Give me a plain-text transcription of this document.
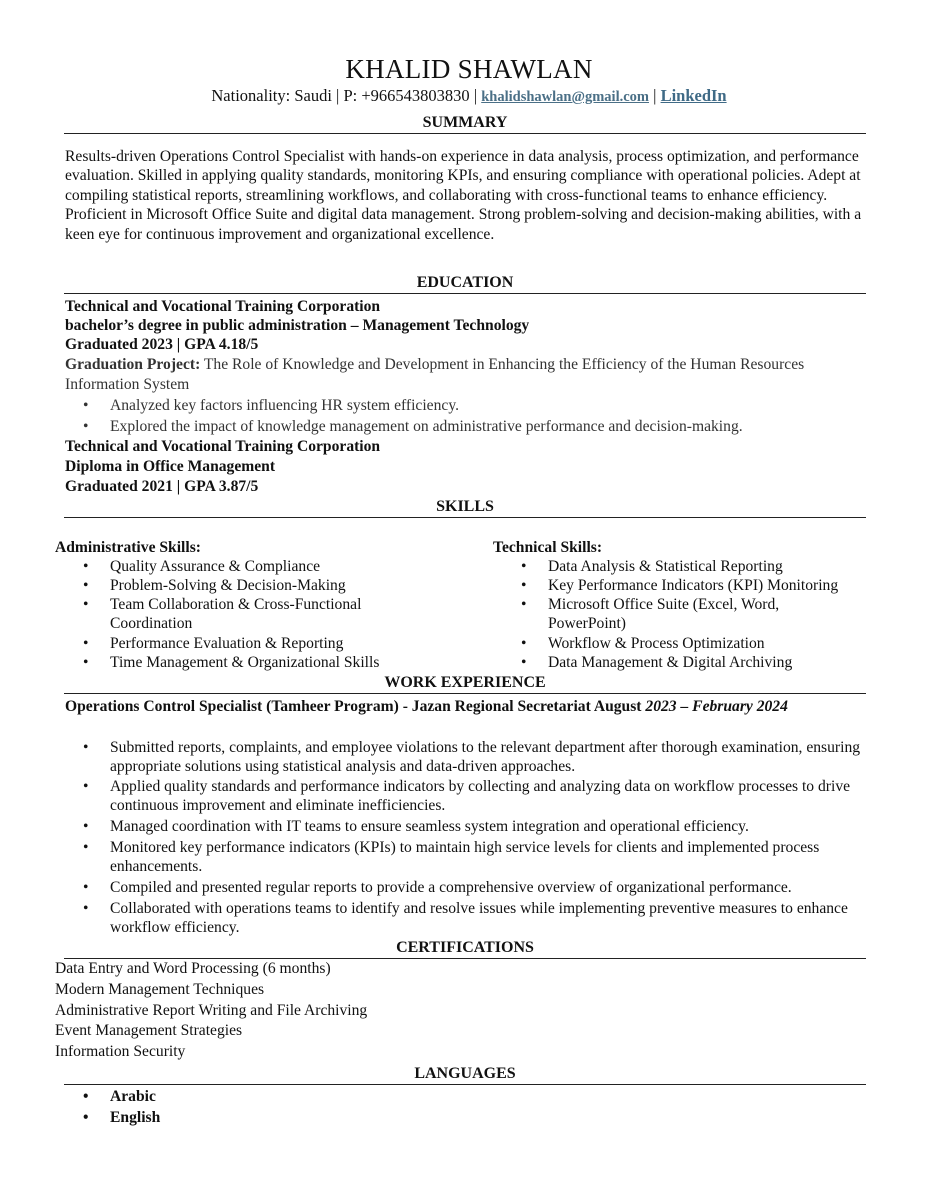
KHALID SHAWLAN
Nationality: Saudi | P: +966543803830 | khalidshawlan@gmail.com | LinkedIn
SUMMARY
Results-driven Operations Control Specialist with hands-on experience in data analysis, process optimization, and performance evaluation. Skilled in applying quality standards, monitoring KPIs, and ensuring compliance with operational policies. Adept at compiling statistical reports, streamlining workflows, and collaborating with cross-functional teams to enhance efficiency. Proficient in Microsoft Office Suite and digital data management. Strong problem-solving and decision-making abilities, with a keen eye for continuous improvement and organizational excellence.
EDUCATION
Technical and Vocational Training Corporation
bachelor’s degree in public administration – Management Technology
Graduated 2023 | GPA 4.18/5
Graduation Project: The Role of Knowledge and Development in Enhancing the Efficiency of the Human Resources
Information System
• Analyzed key factors influencing HR system efficiency.
• Explored the impact of knowledge management on administrative performance and decision-making.
Technical and Vocational Training Corporation
Diploma in Office Management
Graduated 2021 | GPA 3.87/5
SKILLS
Administrative Skills:
• Quality Assurance & Compliance
• Problem-Solving & Decision-Making
• Team Collaboration & Cross-Functional Coordination
• Performance Evaluation & Reporting
• Time Management & Organizational Skills
Technical Skills:
• Data Analysis & Statistical Reporting
• Key Performance Indicators (KPI) Monitoring
• Microsoft Office Suite (Excel, Word, PowerPoint)
• Workflow & Process Optimization
• Data Management & Digital Archiving
WORK EXPERIENCE
Operations Control Specialist (Tamheer Program) - Jazan Regional Secretariat August 2023 – February 2024
• Submitted reports, complaints, and employee violations to the relevant department after thorough examination, ensuring appropriate solutions using statistical analysis and data-driven approaches.
• Applied quality standards and performance indicators by collecting and analyzing data on workflow processes to drive continuous improvement and eliminate inefficiencies.
• Managed coordination with IT teams to ensure seamless system integration and operational efficiency.
• Monitored key performance indicators (KPIs) to maintain high service levels for clients and implemented process enhancements.
• Compiled and presented regular reports to provide a comprehensive overview of organizational performance.
• Collaborated with operations teams to identify and resolve issues while implementing preventive measures to enhance workflow efficiency.
CERTIFICATIONS
Data Entry and Word Processing (6 months)
Modern Management Techniques
Administrative Report Writing and File Archiving
Event Management Strategies
Information Security
LANGUAGES
• Arabic
• English
